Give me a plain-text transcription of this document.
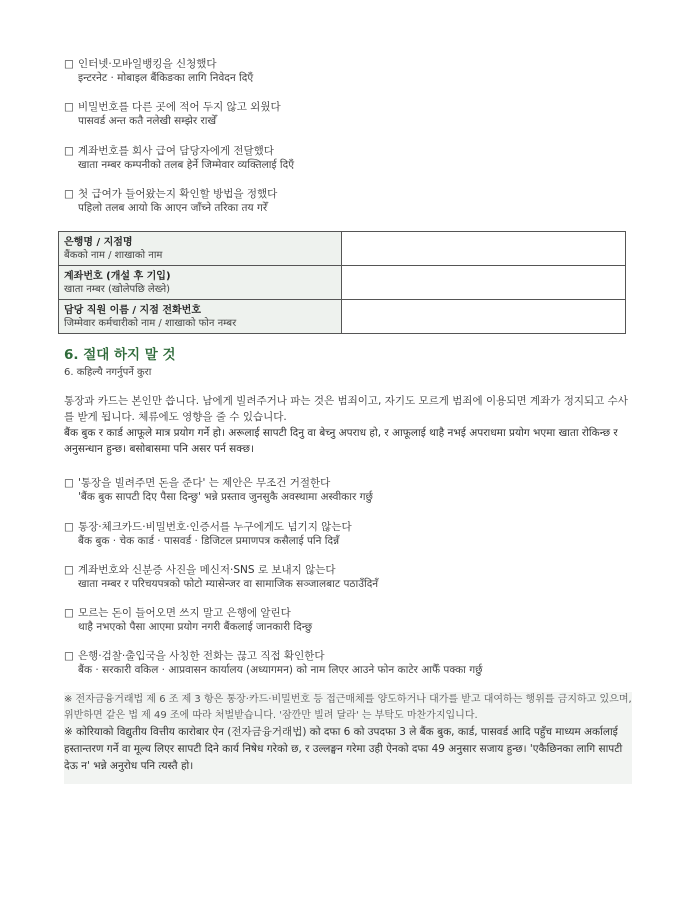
□ 인터넷·모바일뱅킹을 신청했다
इन्टरनेट · मोबाइल बैंकिङका लागि निवेदन दिएँ
□ 비밀번호를 다른 곳에 적어 두지 않고 외웠다
पासवर्ड अन्त कतै नलेखी सम्झेर राखेँ
□ 계좌번호를 회사 급여 담당자에게 전달했다
खाता नम्बर कम्पनीको तलब हेर्ने जिम्मेवार व्यक्तिलाई दिएँ
□ 첫 급여가 들어왔는지 확인할 방법을 정했다
पहिलो तलब आयो कि आएन जाँच्ने तरिका तय गरेँ
은행명 / 지점명
बैंकको नाम / शाखाको नाम	

계좌번호 (개설 후 기입)
खाता नम्बर (खोलेपछि लेख्ने)	

담당 직원 이름 / 지점 전화번호
जिम्मेवार कर्मचारीको नाम / शाखाको फोन नम्बर	

6. 절대 하지 말 것
6. कहिल्यै नगर्नुपर्ने कुरा
통장과 카드는 본인만 씁니다. 남에게 빌려주거나 파는 것은 범죄이고, 자기도 모르게 범죄에 이용되면 계좌가 정지되고 수사를 받게 됩니다. 체류에도 영향을 줄 수 있습니다.
बैंक बुक र कार्ड आफूले मात्र प्रयोग गर्ने हो। अरूलाई सापटी दिनु वा बेच्नु अपराध हो, र आफूलाई थाहै नभई अपराधमा प्रयोग भएमा खाता रोकिन्छ र अनुसन्धान हुन्छ। बसोबासमा पनि असर पर्न सक्छ।
□ '통장을 빌려주면 돈을 준다' 는 제안은 무조건 거절한다
'बैंक बुक सापटी दिए पैसा दिन्छु' भन्ने प्रस्ताव जुनसुकै अवस्थामा अस्वीकार गर्छु
□ 통장·체크카드·비밀번호·인증서를 누구에게도 넘기지 않는다
बैंक बुक · चेक कार्ड · पासवर्ड · डिजिटल प्रमाणपत्र कसैलाई पनि दिन्नँ
□ 계좌번호와 신분증 사진을 메신저·SNS 로 보내지 않는다
खाता नम्बर र परिचयपत्रको फोटो म्यासेन्जर वा सामाजिक सञ्जालबाट पठाउँदिनँ
□ 모르는 돈이 들어오면 쓰지 말고 은행에 알린다
थाहै नभएको पैसा आएमा प्रयोग नगरी बैंकलाई जानकारी दिन्छु
□ 은행·검찰·출입국을 사칭한 전화는 끊고 직접 확인한다
बैंक · सरकारी वकिल · आप्रवासन कार्यालय (अध्यागमन) को नाम लिएर आउने फोन काटेर आफैँ पक्का गर्छु
※ 전자금융거래법 제 6 조 제 3 항은 통장·카드·비밀번호 등 접근매체를 양도하거나 대가를 받고 대여하는 행위를 금지하고 있으며, 위반하면 같은 법 제 49 조에 따라 처벌받습니다. '잠깐만 빌려 달라' 는 부탁도 마찬가지입니다.
※ कोरियाको विद्युतीय वित्तीय कारोबार ऐन (전자금융거래법) को दफा 6 को उपदफा 3 ले बैंक बुक, कार्ड, पासवर्ड आदि पहुँच माध्यम अर्कालाई हस्तान्तरण गर्ने वा मूल्य लिएर सापटी दिने कार्य निषेध गरेको छ, र उल्लङ्घन गरेमा उही ऐनको दफा 49 अनुसार सजाय हुन्छ। 'एकैछिनका लागि सापटी देऊ न' भन्ने अनुरोध पनि त्यस्तै हो।
